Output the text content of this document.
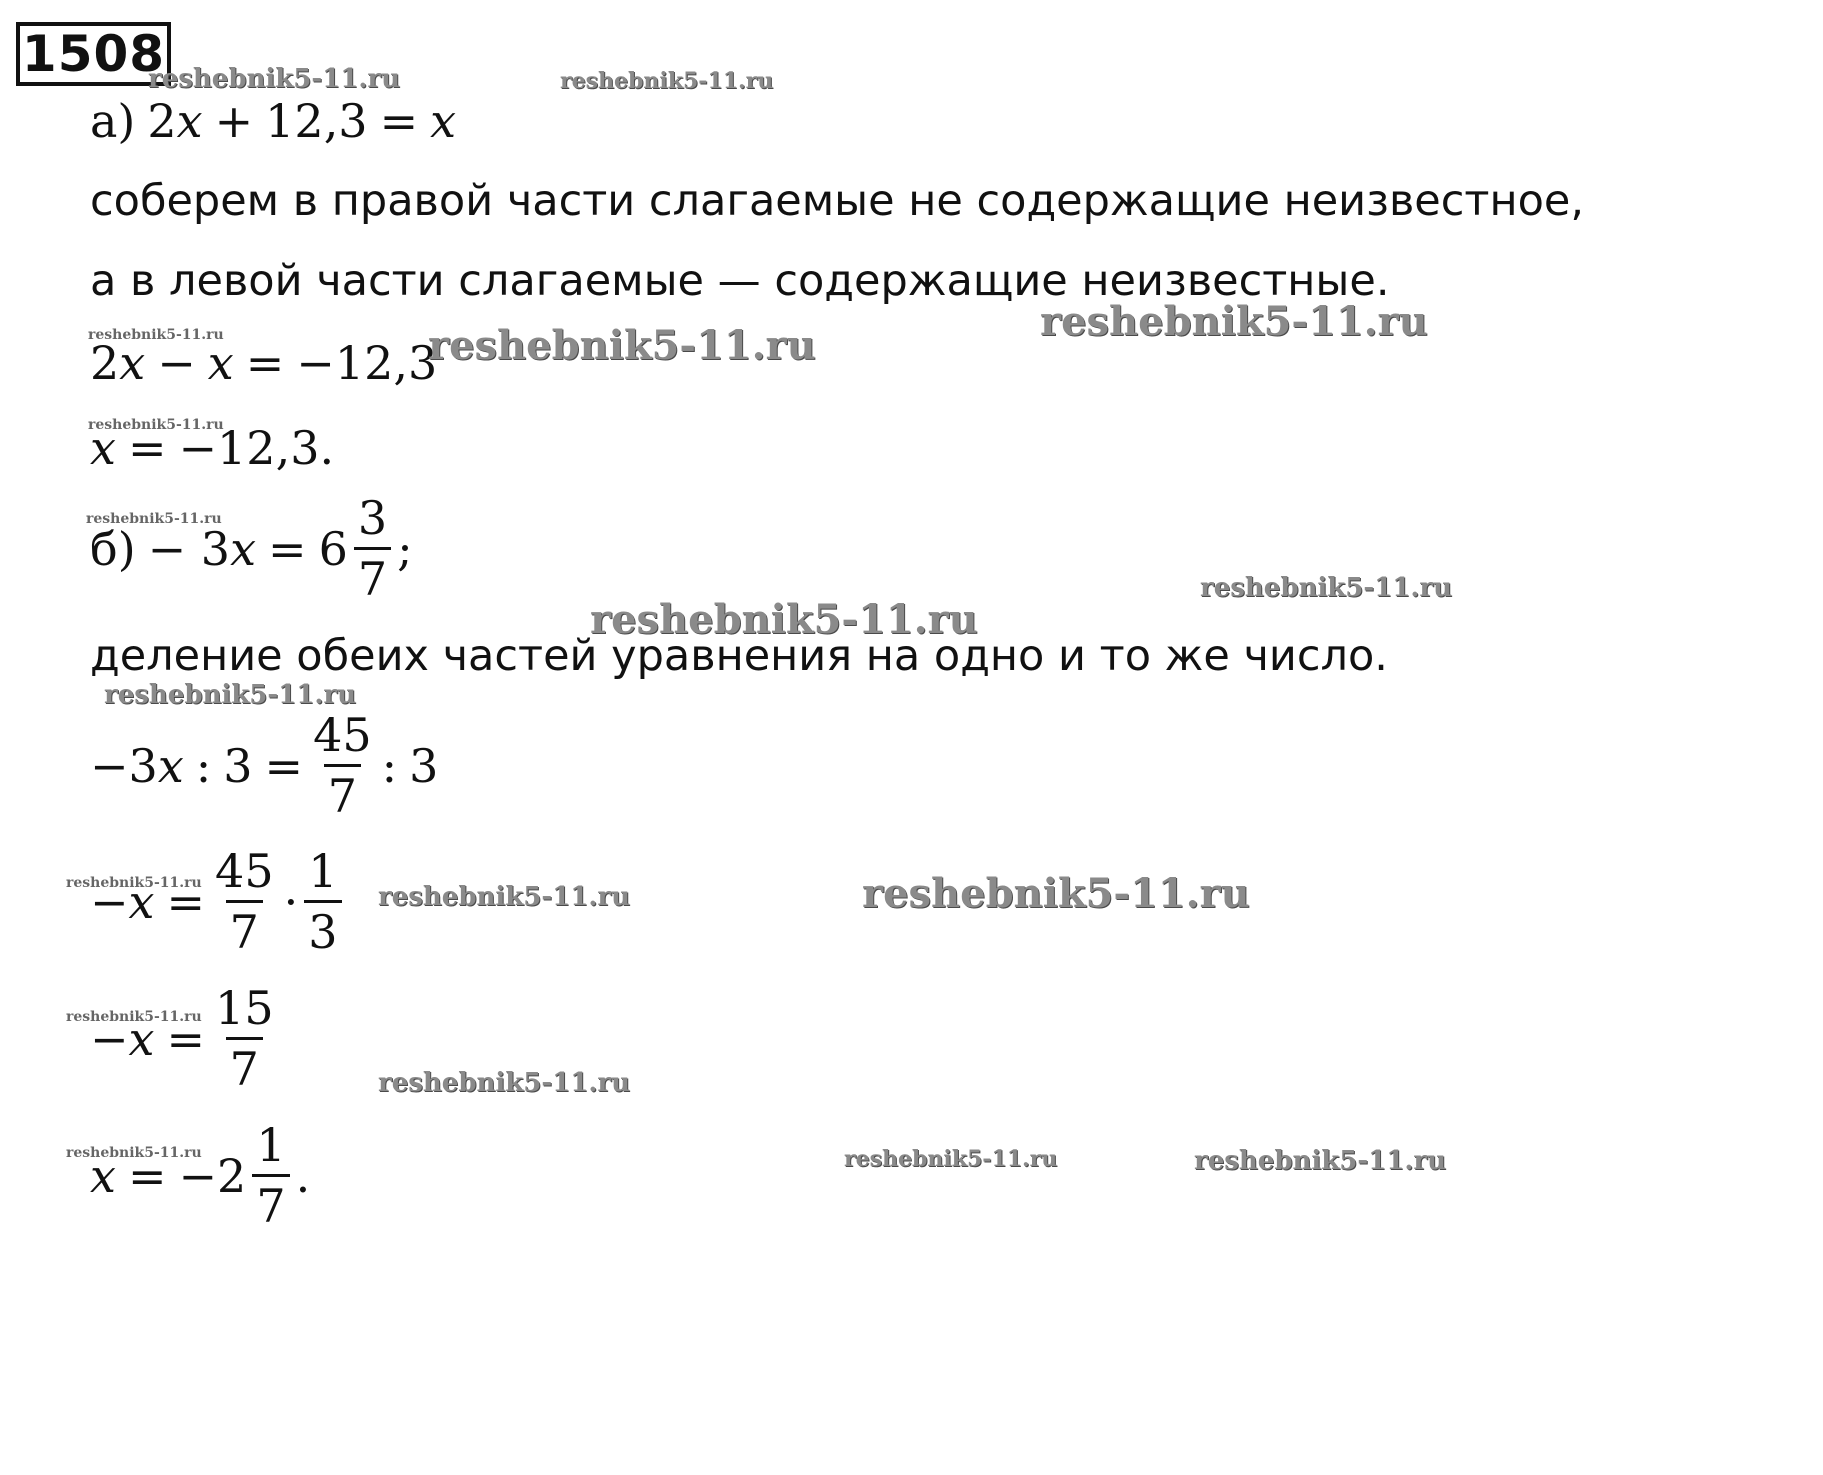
1508
а) 2 x + 12,3 = x
соберем в правой части слагаемые не содержащие неизвестное,
а в левой части слагаемые — содержащие неизвестные.
2 x − x = −12,3
x = −12,3.
б) − 3 $x = 6 \frac{3}{7}$ ;
деление обеих частей уравнения на одно и то же число.
−3 x : $3 = \frac{45}{7}$ : 3
− $x = \frac{45}{7} \cdot \frac{1}{3}$
− $x = \frac{15}{7}$
$x = -2 \frac{1}{7}$ .
reshebnik5-11.ru	reshebnik5-11.ru
reshebnik5-11.ru	reshebnik5-11.ru
reshebnik5-11.ru
reshebnik5-11.ru
reshebnik5-11.ru
reshebnik5-11.ru
reshebnik5-11.ru
reshebnik5-11.ru
reshebnik5-11.ru	reshebnik5-11.ru	reshebnik5-11.ru
reshebnik5-11.ru
reshebnik5-11.ru
reshebnik5-11.ru	reshebnik5-11.ru	reshebnik5-11.ru
